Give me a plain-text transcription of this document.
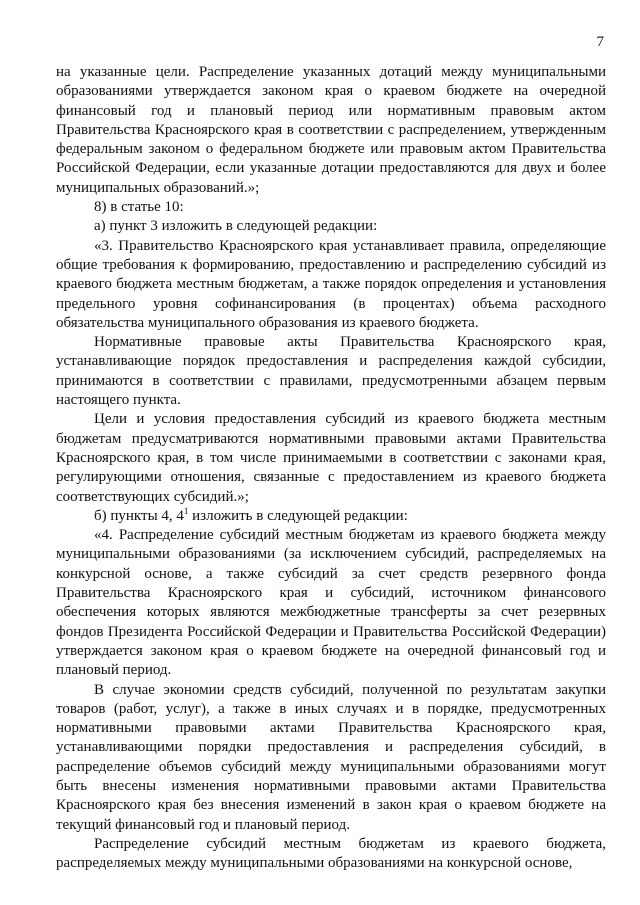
7

на указанные цели. Распределение указанных дотаций между муниципальными образованиями утверждается законом края о краевом бюджете на очередной финансовый год и плановый период или нормативным правовым актом Правительства Красноярского края в соответствии с распределением, утвержденным федеральным законом о федеральном бюджете или правовым актом Правительства Российской Федерации, если указанные дотации предоставляются для двух и более муниципальных образований.»;

8) в статье 10:

а) пункт 3 изложить в следующей редакции:

«3. Правительство Красноярского края устанавливает правила, определяющие общие требования к формированию, предоставлению и распределению субсидий из краевого бюджета местным бюджетам, а также порядок определения и установления предельного уровня софинансирования (в процентах) объема расходного обязательства муниципального образования из краевого бюджета.

Нормативные правовые акты Правительства Красноярского края, устанавливающие порядок предоставления и распределения каждой субсидии, принимаются в соответствии с правилами, предусмотренными абзацем первым настоящего пункта.

Цели и условия предоставления субсидий из краевого бюджета местным бюджетам предусматриваются нормативными правовыми актами Правительства Красноярского края, в том числе принимаемыми в соответствии с законами края, регулирующими отношения, связанные с предоставлением из краевого бюджета соответствующих субсидий.»;

б) пункты 4, $4^1$ изложить в следующей редакции:

«4. Распределение субсидий местным бюджетам из краевого бюджета между муниципальными образованиями (за исключением субсидий, распределяемых на конкурсной основе, а также субсидий за счет средств резервного фонда Правительства Красноярского края и субсидий, источником финансового обеспечения которых являются межбюджетные трансферты за счет резервных фондов Президента Российской Федерации и Правительства Российской Федерации) утверждается законом края о краевом бюджете на очередной финансовый год и плановый период.

В случае экономии средств субсидий, полученной по результатам закупки товаров (работ, услуг), а также в иных случаях и в порядке, предусмотренных нормативными правовыми актами Правительства Красноярского края, устанавливающими порядки предоставления и распределения субсидий, в распределение объемов субсидий между муниципальными образованиями могут быть внесены изменения нормативными правовыми актами Правительства Красноярского края без внесения изменений в закон края о краевом бюджете на текущий финансовый год и плановый период.

Распределение субсидий местным бюджетам из краевого бюджета, распределяемых между муниципальными образованиями на конкурсной основе,
